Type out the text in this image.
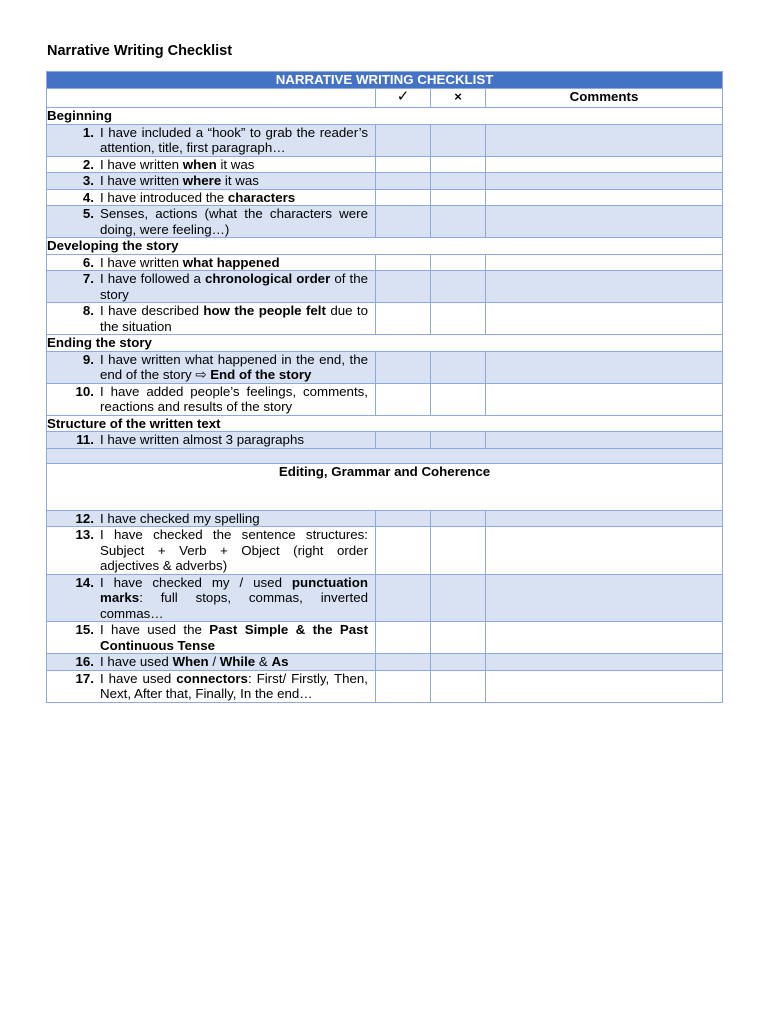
Narrative Writing Checklist
NARRATIVE WRITING CHECKLIST			
	✓	×	Comments
Beginning			

1. I have included a “hook” to grab the reader’s attention, title, first paragraph…			

2. I have written when it was			

3. I have written where it was			

4. I have introduced the characters			

5. Senses, actions (what the characters were doing, were feeling…)			

Developing the story			

6. I have written what happened			

7. I have followed a chronological order of the story			

8. I have described how the people felt due to the situation			

Ending the story			

9. I have written what happened in the end, the end of the story ⇨ End of the story			

10. I have added people’s feelings, comments, reactions and results of the story			

Structure of the written text			

11. I have written almost 3 paragraphs			

Editing, Grammar and Coherence			

12. I have checked my spelling			

13. I have checked the sentence structures: Subject + Verb + Object (right order adjectives & adverbs)			

14. I have checked my / used punctuation marks: full stops, commas, inverted commas…			

15. I have used the Past Simple & the Past Continuous Tense			

16. I have used When / While & As			

17. I have used connectors: First/ Firstly, Then, Next, After that, Finally, In the end…			
